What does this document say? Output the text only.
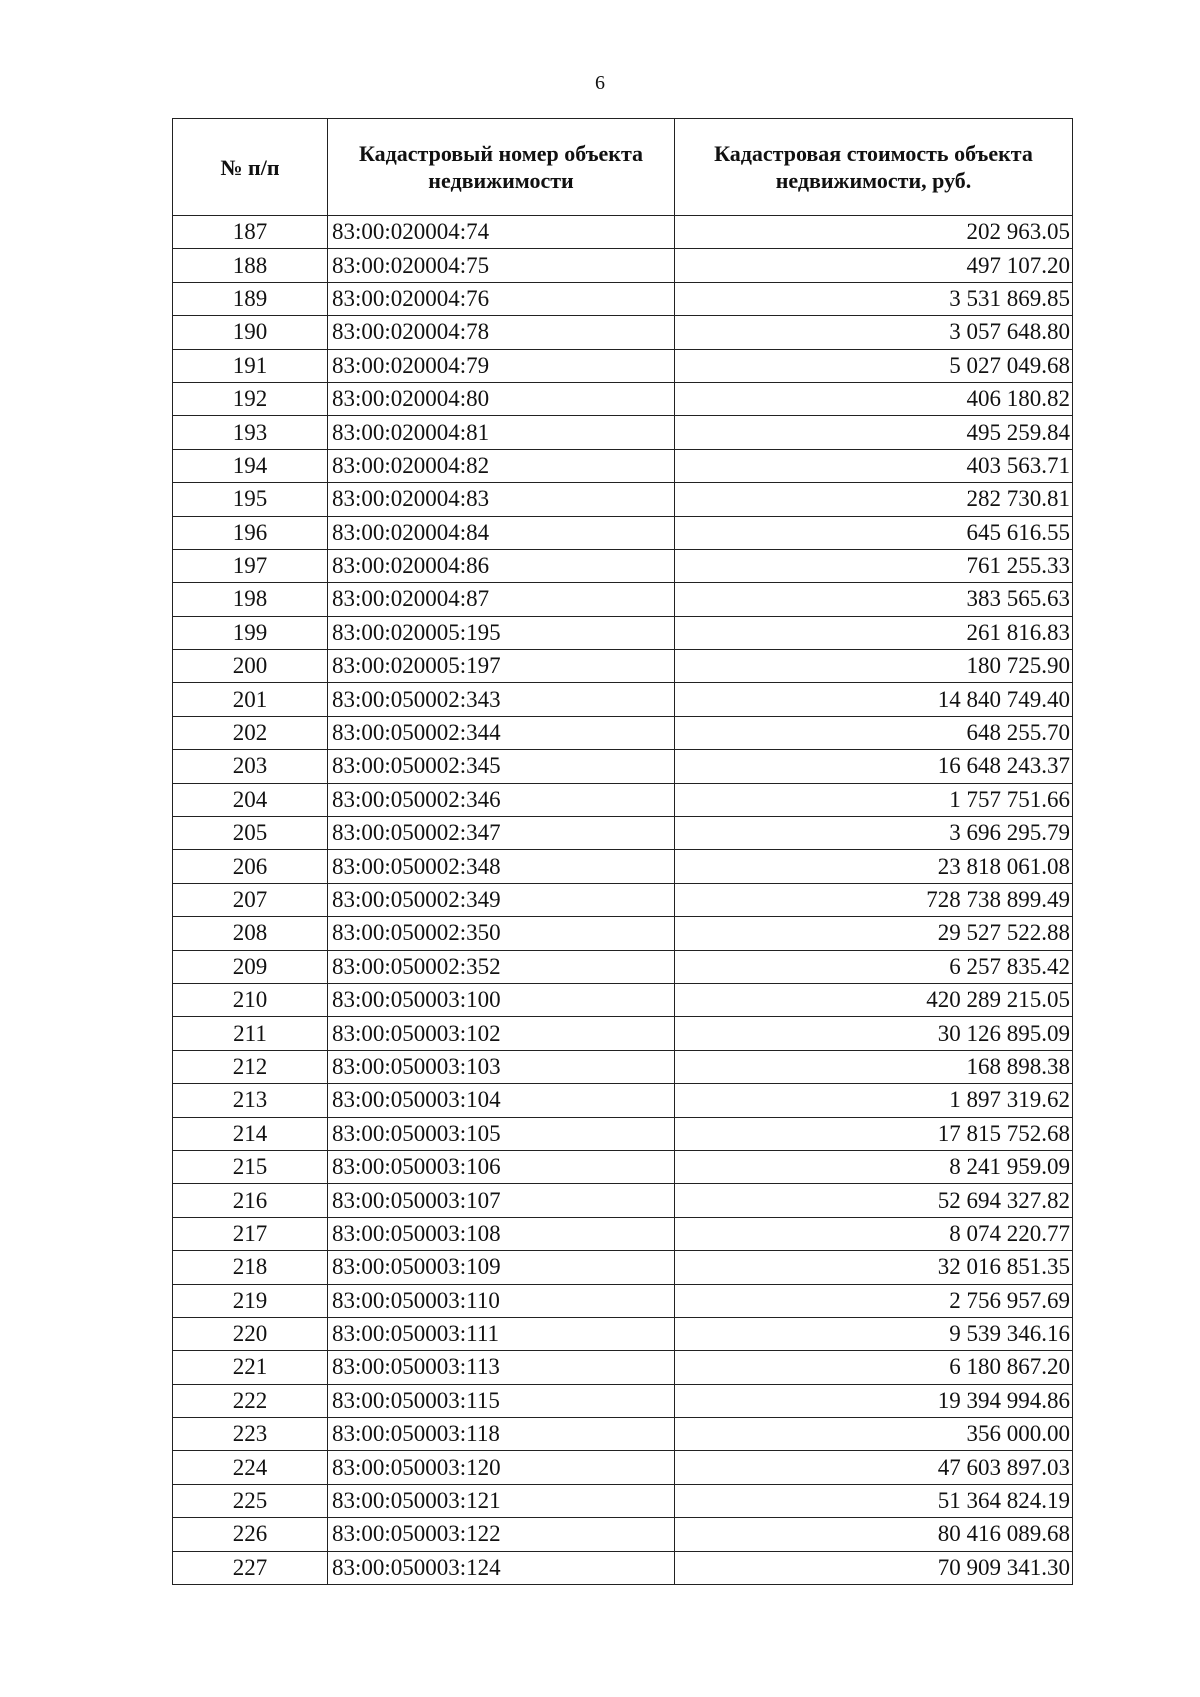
6
№ п/п	Кадастровый номер объекта недвижимости	Кадастровая стоимость объекта недвижимости, руб.
187	83:00:020004:74	202 963.05
188	83:00:020004:75	497 107.20
189	83:00:020004:76	3 531 869.85
190	83:00:020004:78	3 057 648.80
191	83:00:020004:79	5 027 049.68
192	83:00:020004:80	406 180.82
193	83:00:020004:81	495 259.84
194	83:00:020004:82	403 563.71
195	83:00:020004:83	282 730.81
196	83:00:020004:84	645 616.55
197	83:00:020004:86	761 255.33
198	83:00:020004:87	383 565.63
199	83:00:020005:195	261 816.83
200	83:00:020005:197	180 725.90
201	83:00:050002:343	14 840 749.40
202	83:00:050002:344	648 255.70
203	83:00:050002:345	16 648 243.37
204	83:00:050002:346	1 757 751.66
205	83:00:050002:347	3 696 295.79
206	83:00:050002:348	23 818 061.08
207	83:00:050002:349	728 738 899.49
208	83:00:050002:350	29 527 522.88
209	83:00:050002:352	6 257 835.42
210	83:00:050003:100	420 289 215.05
211	83:00:050003:102	30 126 895.09
212	83:00:050003:103	168 898.38
213	83:00:050003:104	1 897 319.62
214	83:00:050003:105	17 815 752.68
215	83:00:050003:106	8 241 959.09
216	83:00:050003:107	52 694 327.82
217	83:00:050003:108	8 074 220.77
218	83:00:050003:109	32 016 851.35
219	83:00:050003:110	2 756 957.69
220	83:00:050003:111	9 539 346.16
221	83:00:050003:113	6 180 867.20
222	83:00:050003:115	19 394 994.86
223	83:00:050003:118	356 000.00
224	83:00:050003:120	47 603 897.03
225	83:00:050003:121	51 364 824.19
226	83:00:050003:122	80 416 089.68
227	83:00:050003:124	70 909 341.30
